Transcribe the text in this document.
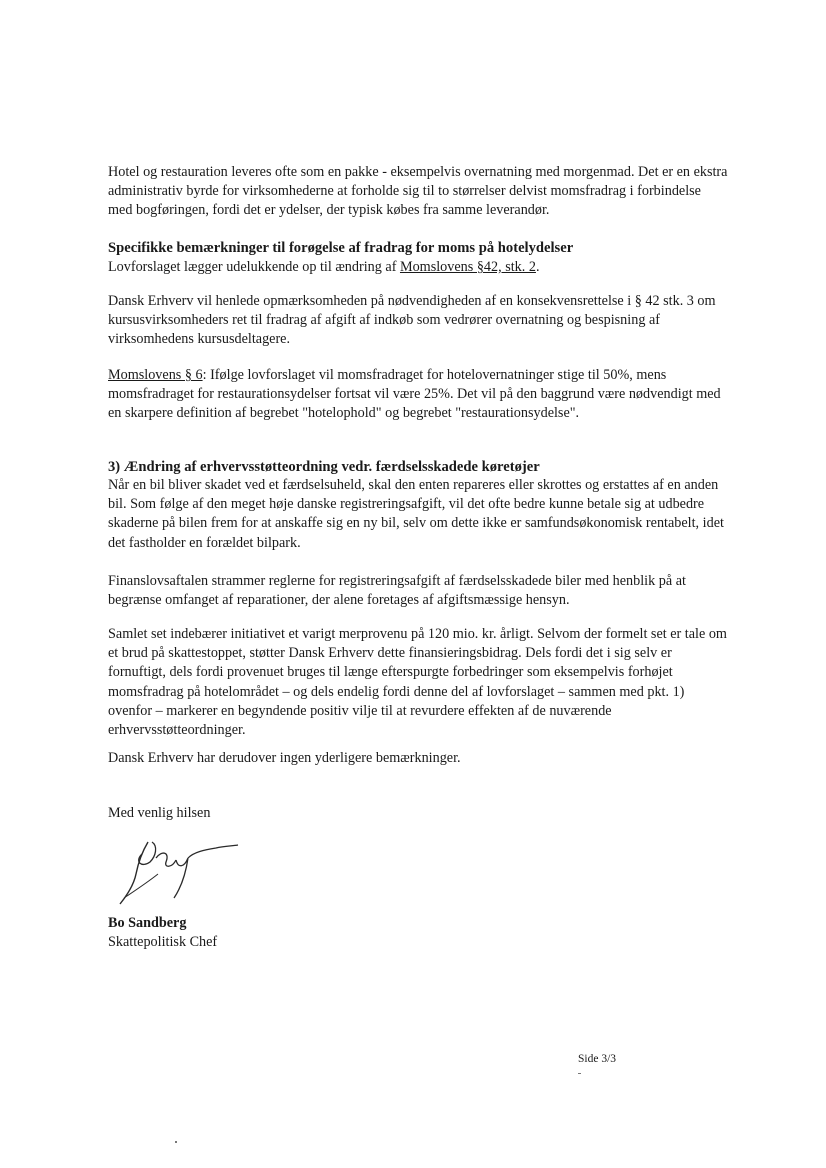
Hotel og restauration leveres ofte som en pakke - eksempelvis overnatning med morgenmad. Det er en ekstra administrativ byrde for virksomhederne at forholde sig til to størrelser delvist momsfradrag i forbindelse med bogføringen, fordi det er ydelser, der typisk købes fra samme leverandør.

Specifikke bemærkninger til forøgelse af fradrag for moms på hotelydelser

Lovforslaget lægger udelukkende op til ændring af Momslovens §42, stk. 2.

Dansk Erhverv vil henlede opmærksomheden på nødvendigheden af en konsekvensrettelse i § 42 stk. 3 om kursusvirksomheders ret til fradrag af afgift af indkøb som vedrører overnatning og bespisning af virksomhedens kursusdeltagere.

Momslovens § 6: Ifølge lovforslaget vil momsfradraget for hotelovernatninger stige til 50%, mens momsfradraget for restaurationsydelser fortsat vil være 25%. Det vil på den baggrund være nødvendigt med en skarpere definition af begrebet "hotelophold" og begrebet "restaurationsydelse".

3) Ændring af erhvervsstøtteordning vedr. færdselsskadede køretøjer

Når en bil bliver skadet ved et færdselsuheld, skal den enten repareres eller skrottes og erstattes af en anden bil. Som følge af den meget høje danske registreringsafgift, vil det ofte bedre kunne betale sig at udbedre skaderne på bilen frem for at anskaffe sig en ny bil, selv om dette ikke er samfundsøkonomisk rentabelt, idet det fastholder en forældet bilpark.

Finanslovsaftalen strammer reglerne for registreringsafgift af færdselsskadede biler med henblik på at begrænse omfanget af reparationer, der alene foretages af afgiftsmæssige hensyn.

Samlet set indebærer initiativet et varigt merprovenu på 120 mio. kr. årligt. Selvom der formelt set er tale om et brud på skattestoppet, støtter Dansk Erhverv dette finansieringsbidrag. Dels fordi det i sig selv er fornuftigt, dels fordi provenuet bruges til længe efterspurgte forbedringer som eksempelvis forhøjet momsfradrag på hotelområdet – og dels endelig fordi denne del af lovforslaget – sammen med pkt. 1) ovenfor – markerer en begyndende positiv vilje til at revurdere effekten af de nuværende erhvervsstøtteordninger.

Dansk Erhverv har derudover ingen yderligere bemærkninger.

Med venlig hilsen

Bo Sandberg

Skattepolitisk Chef

Side 3/3
